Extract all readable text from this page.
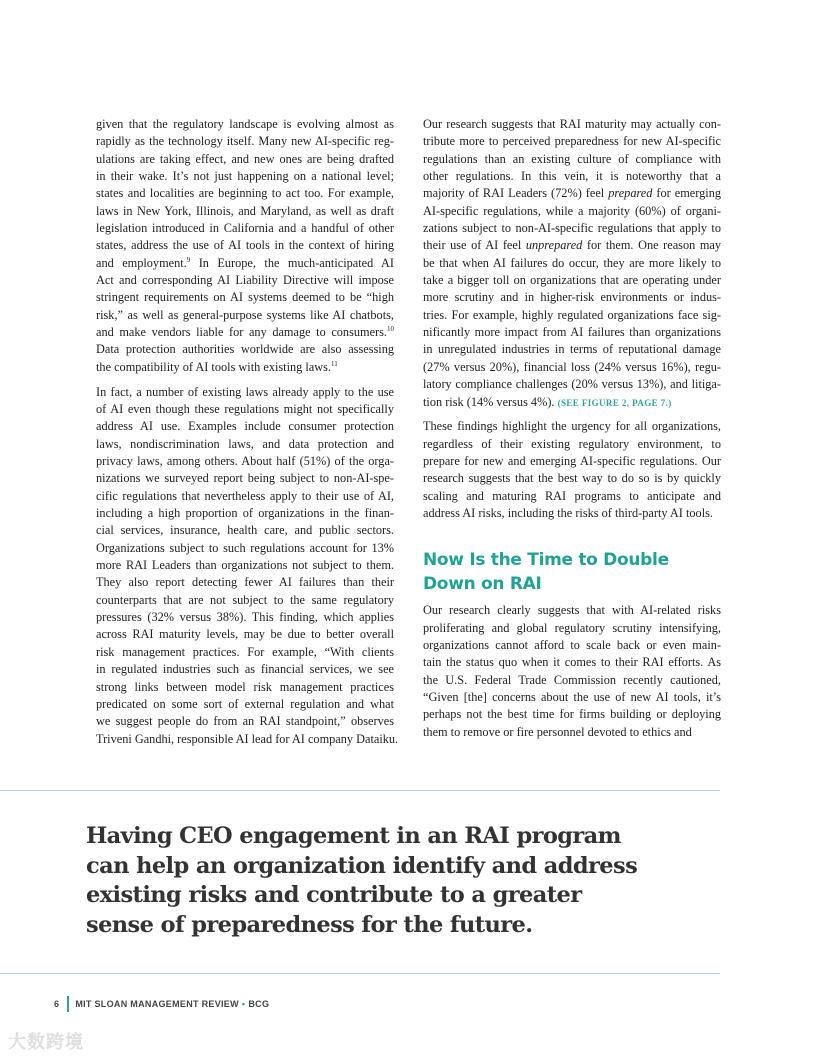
given that the regulatory landscape is evolving almost as
rapidly as the technology itself. Many new AI-specific reg-
ulations are taking effect, and new ones are being drafted
in their wake. It’s not just happening on a national level;
states and localities are beginning to act too. For example,
laws in New York, Illinois, and Maryland, as well as draft
legislation introduced in California and a handful of other
states, address the use of AI tools in the context of hiring
and employment.$^9$ In Europe, the much-anticipated AI
Act and corresponding AI Liability Directive will impose
stringent requirements on AI systems deemed to be “high
risk,” as well as general-purpose systems like AI chatbots,
and make vendors liable for any damage to consumers.$^{10}$
Data protection authorities worldwide are also assessing
the compatibility of AI tools with existing laws.$^{11}$
In fact, a number of existing laws already apply to the use
of AI even though these regulations might not specifically
address AI use. Examples include consumer protection
laws, nondiscrimination laws, and data protection and
privacy laws, among others. About half (51%) of the orga-
nizations we surveyed report being subject to non-AI-spe-
cific regulations that nevertheless apply to their use of AI,
including a high proportion of organizations in the finan-
cial services, insurance, health care, and public sectors.
Organizations subject to such regulations account for 13%
more RAI Leaders than organizations not subject to them.
They also report detecting fewer AI failures than their
counterparts that are not subject to the same regulatory
pressures (32% versus 38%). This finding, which applies
across RAI maturity levels, may be due to better overall
risk management practices. For example, “With clients
in regulated industries such as financial services, we see
strong links between model risk management practices
predicated on some sort of external regulation and what
we suggest people do from an RAI standpoint,” observes
Triveni Gandhi, responsible AI lead for AI company Dataiku.
Our research suggests that RAI maturity may actually con-
tribute more to perceived preparedness for new AI-specific
regulations than an existing culture of compliance with
other regulations. In this vein, it is noteworthy that a
majority of RAI Leaders (72%) feel prepared for emerging
AI-specific regulations, while a majority (60%) of organi-
zations subject to non-AI-specific regulations that apply to
their use of AI feel unprepared for them. One reason may
be that when AI failures do occur, they are more likely to
take a bigger toll on organizations that are operating under
more scrutiny and in higher-risk environments or indus-
tries. For example, highly regulated organizations face sig-
nificantly more impact from AI failures than organizations
in unregulated industries in terms of reputational damage
(27% versus 20%), financial loss (24% versus 16%), regu-
latory compliance challenges (20% versus 13%), and litiga-
tion risk (14% versus 4%). (SEE FIGURE 2, PAGE 7.)
These findings highlight the urgency for all organizations,
regardless of their existing regulatory environment, to
prepare for new and emerging AI-specific regulations. Our
research suggests that the best way to do so is by quickly
scaling and maturing RAI programs to anticipate and
address AI risks, including the risks of third-party AI tools.
Now Is the Time to Double
Down on RAI
Our research clearly suggests that with AI-related risks
proliferating and global regulatory scrutiny intensifying,
organizations cannot afford to scale back or even main-
tain the status quo when it comes to their RAI efforts. As
the U.S. Federal Trade Commission recently cautioned,
“Given [the] concerns about the use of new AI tools, it’s
perhaps not the best time for firms building or deploying
them to remove or fire personnel devoted to ethics and
Having CEO engagement in an RAI program
can help an organization identify and address
existing risks and contribute to a greater
sense of preparedness for the future.
6 MIT SLOAN MANAGEMENT REVIEW • BCG
大数跨境
